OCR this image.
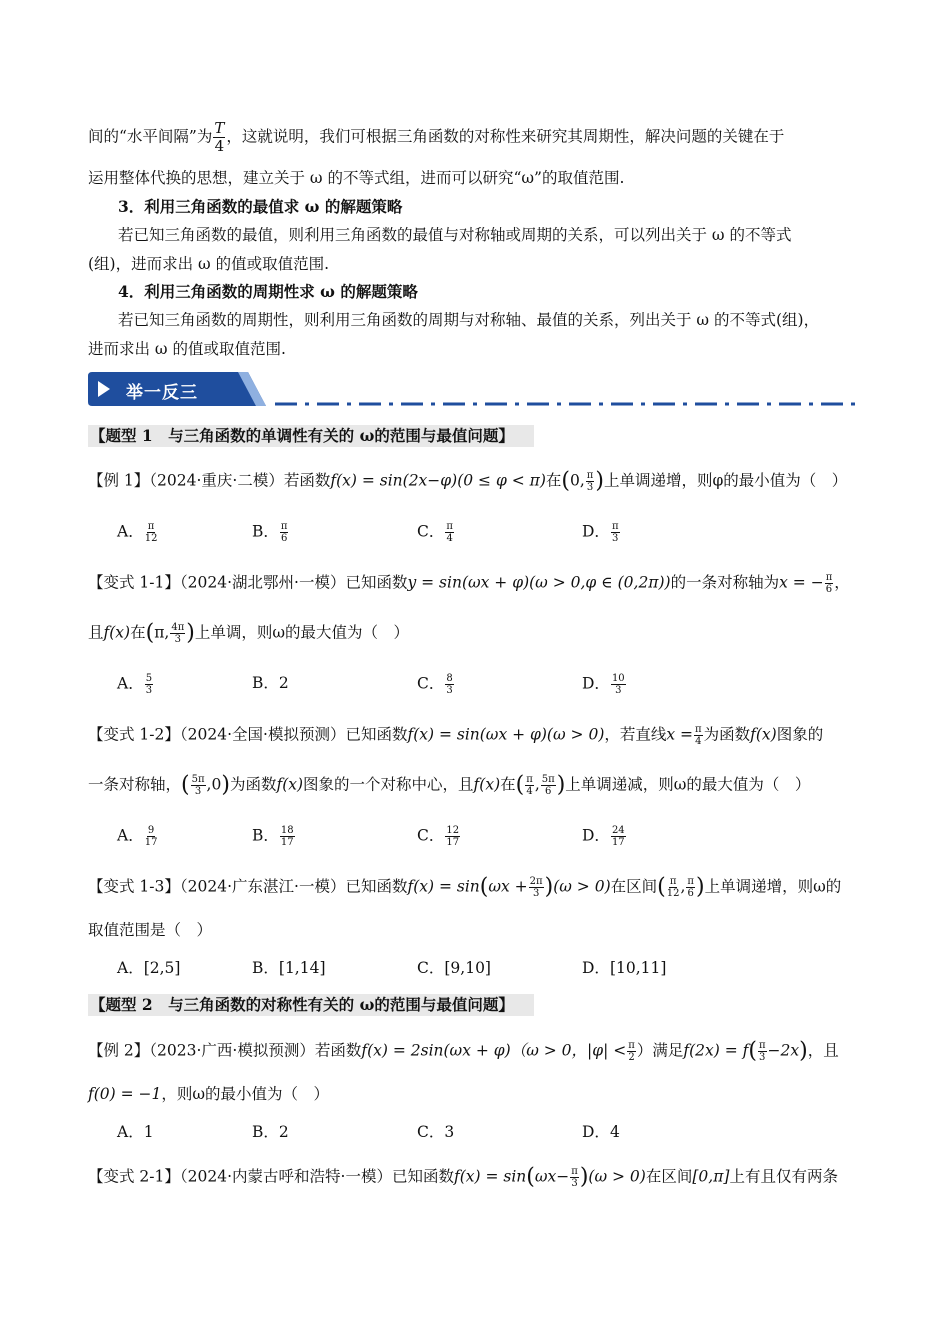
间的“水平间隔”为 $\frac{T}{4}$ ，这就说明，我们可根据三角函数的对称性来研究其周期性，解决问题的关键在于
运用整体代换的思想，建立关于 ω 的不等式组，进而可以研究“ω”的取值范围.
3．利用三角函数的最值求 ω 的解题策略
若已知三角函数的最值，则利用三角函数的最值与对称轴或周期的关系，可以列出关于 ω 的不等式
(组)，进而求出 ω 的值或取值范围.
4．利用三角函数的周期性求 ω 的解题策略
若已知三角函数的周期性，则利用三角函数的周期与对称轴、最值的关系，列出关于 ω 的不等式(组)，
进而求出 ω 的值或取值范围.
举一反三
【题型 1　与三角函数的单调性有关的 ω的范围与最值问题】
【例 1】（2024·重庆·二模）若函数f(x) = sin(2x−φ)(0 ≤ φ < π)在(0, $\frac{\pi}{3}$ )上单调递增，则φ的最小值为（　）
A． $\frac{\pi}{12}$	B． $\frac{\pi}{6}$	C． $\frac{\pi}{4}$	D． $\frac{\pi}{3}$
【变式 1-1】（2024·湖北鄂州·一模）已知函数y = sin(ωx + φ)(ω > 0,φ ∈ (0,2π))的一条对称轴为x = − $\frac{\pi}{6}$ ，
且f(x)在(π, $\frac{4\pi}{3}$ )上单调，则ω的最大值为（　）
A． $\frac{5}{3}$	B．2	C． $\frac{8}{3}$	D． $\frac{10}{3}$
【变式 1-2】（2024·全国·模拟预测）已知函数f(x) = sin(ωx + φ)(ω > 0)，若直线$x = \frac{\pi}{4}$ 为函数f(x)图象的
一条对称轴，( $\frac{5\pi}{3} ,0$)为函数f(x)图象的一个对称中心，且f(x)在( $\frac{\pi}{4}$ , $\frac{5\pi}{6}$ )上单调递减，则ω的最大值为（　）
A． $\frac{9}{17}$	B． $\frac{18}{17}$	C． $\frac{12}{17}$	D． $\frac{24}{17}$
【变式 1-3】（2024·广东湛江·一模）已知函数$f(x) = \sin(\omega x + \frac{2\pi}{3} )(\omega > 0)$在区间( $\frac{\pi}{12}$ , $\frac{\pi}{6}$ )上单调递增，则ω的
取值范围是（　）
A．[2,5]	B．[1,14]	C．[9,10]	D．[10,11]
【题型 2　与三角函数的对称性有关的 ω的范围与最值问题】
【例 2】（2023·广西·模拟预测）若函数f(x) = 2sin(ωx + φ)（ω > 0，$|\varphi| < \frac{\pi}{2}$ ）满足$f(2x) = f( \frac{\pi}{3} -2x)$，且
f(0) = −1，则ω的最小值为（　）
A．1	B．2	C．3	D．4
【变式 2-1】（2024·内蒙古呼和浩特·一模）已知函数$f(x) = \sin(\omega x- \frac{\pi}{3} )(\omega > 0)$在区间[0,π]上有且仅有两条
